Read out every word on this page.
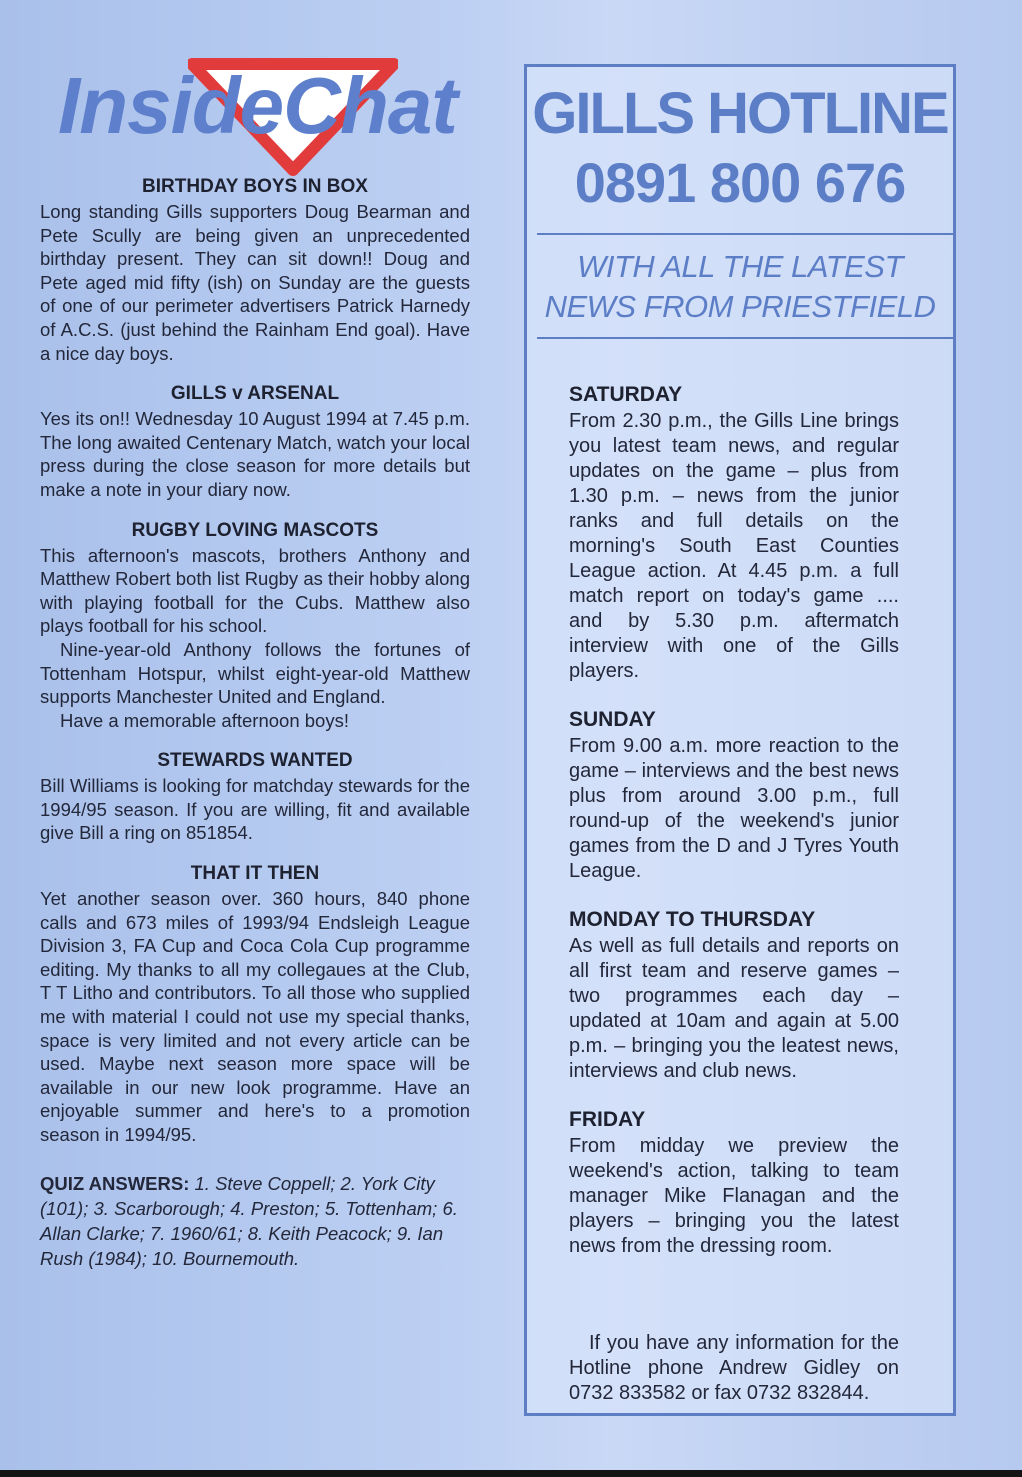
InsideChat
BIRTHDAY BOYS IN BOX

Long standing Gills supporters Doug Bearman and Pete Scully are being given an unprecedented birthday present. They can sit down!! Doug and Pete aged mid fifty (ish) on Sunday are the guests of one of our perimeter advertisers Patrick Harnedy of A.C.S. (just behind the Rainham End goal). Have a nice day boys.

GILLS v ARSENAL

Yes its on!! Wednesday 10 August 1994 at 7.45 p.m. The long awaited Centenary Match, watch your local press during the close season for more details but make a note in your diary now.

RUGBY LOVING MASCOTS

This afternoon's mascots, brothers Anthony and Matthew Robert both list Rugby as their hobby along with playing football for the Cubs. Matthew also plays football for his school.

Nine-year-old Anthony follows the fortunes of Tottenham Hotspur, whilst eight-year-old Matthew supports Manchester United and England.

Have a memorable afternoon boys!

STEWARDS WANTED

Bill Williams is looking for matchday stewards for the 1994/95 season. If you are willing, fit and available give Bill a ring on 851854.

THAT IT THEN

Yet another season over. 360 hours, 840 phone calls and 673 miles of 1993/94 Endsleigh League Division 3, FA Cup and Coca Cola Cup programme editing. My thanks to all my collegaues at the Club, T T Litho and contributors. To all those who supplied me with material I could not use my special thanks, space is very limited and not every article can be used. Maybe next season more space will be available in our new look programme. Have an enjoyable summer and here's to a promotion season in 1994/95.

QUIZ ANSWERS: 1. Steve Coppell; 2. York City (101); 3. Scarborough; 4. Preston; 5. Tottenham; 6. Allan Clarke; 7. 1960/61; 8. Keith Peacock; 9. Ian Rush (1984); 10. Bournemouth.
GILLS HOTLINE
0891 800 676
WITH ALL THE LATEST
NEWS FROM PRIESTFIELD
SATURDAY

From 2.30 p.m., the Gills Line brings you latest team news, and regular updates on the game – plus from 1.30 p.m. – news from the junior ranks and full details on the morning's South East Counties League action. At 4.45 p.m. a full match report on today's game .... and by 5.30 p.m. aftermatch interview with one of the Gills players.

SUNDAY

From 9.00 a.m. more reaction to the game – interviews and the best news plus from around 3.00 p.m., full round-up of the weekend's junior games from the D and J Tyres Youth League.

MONDAY TO THURSDAY

As well as full details and reports on all first team and reserve games – two programmes each day – updated at 10am and again at 5.00 p.m. – bringing you the leatest news, interviews and club news.

FRIDAY

From midday we preview the weekend's action, talking to team manager Mike Flanagan and the players – bringing you the latest news from the dressing room.

If you have any information for the Hotline phone Andrew Gidley on 0732 833582 or fax 0732 832844.
